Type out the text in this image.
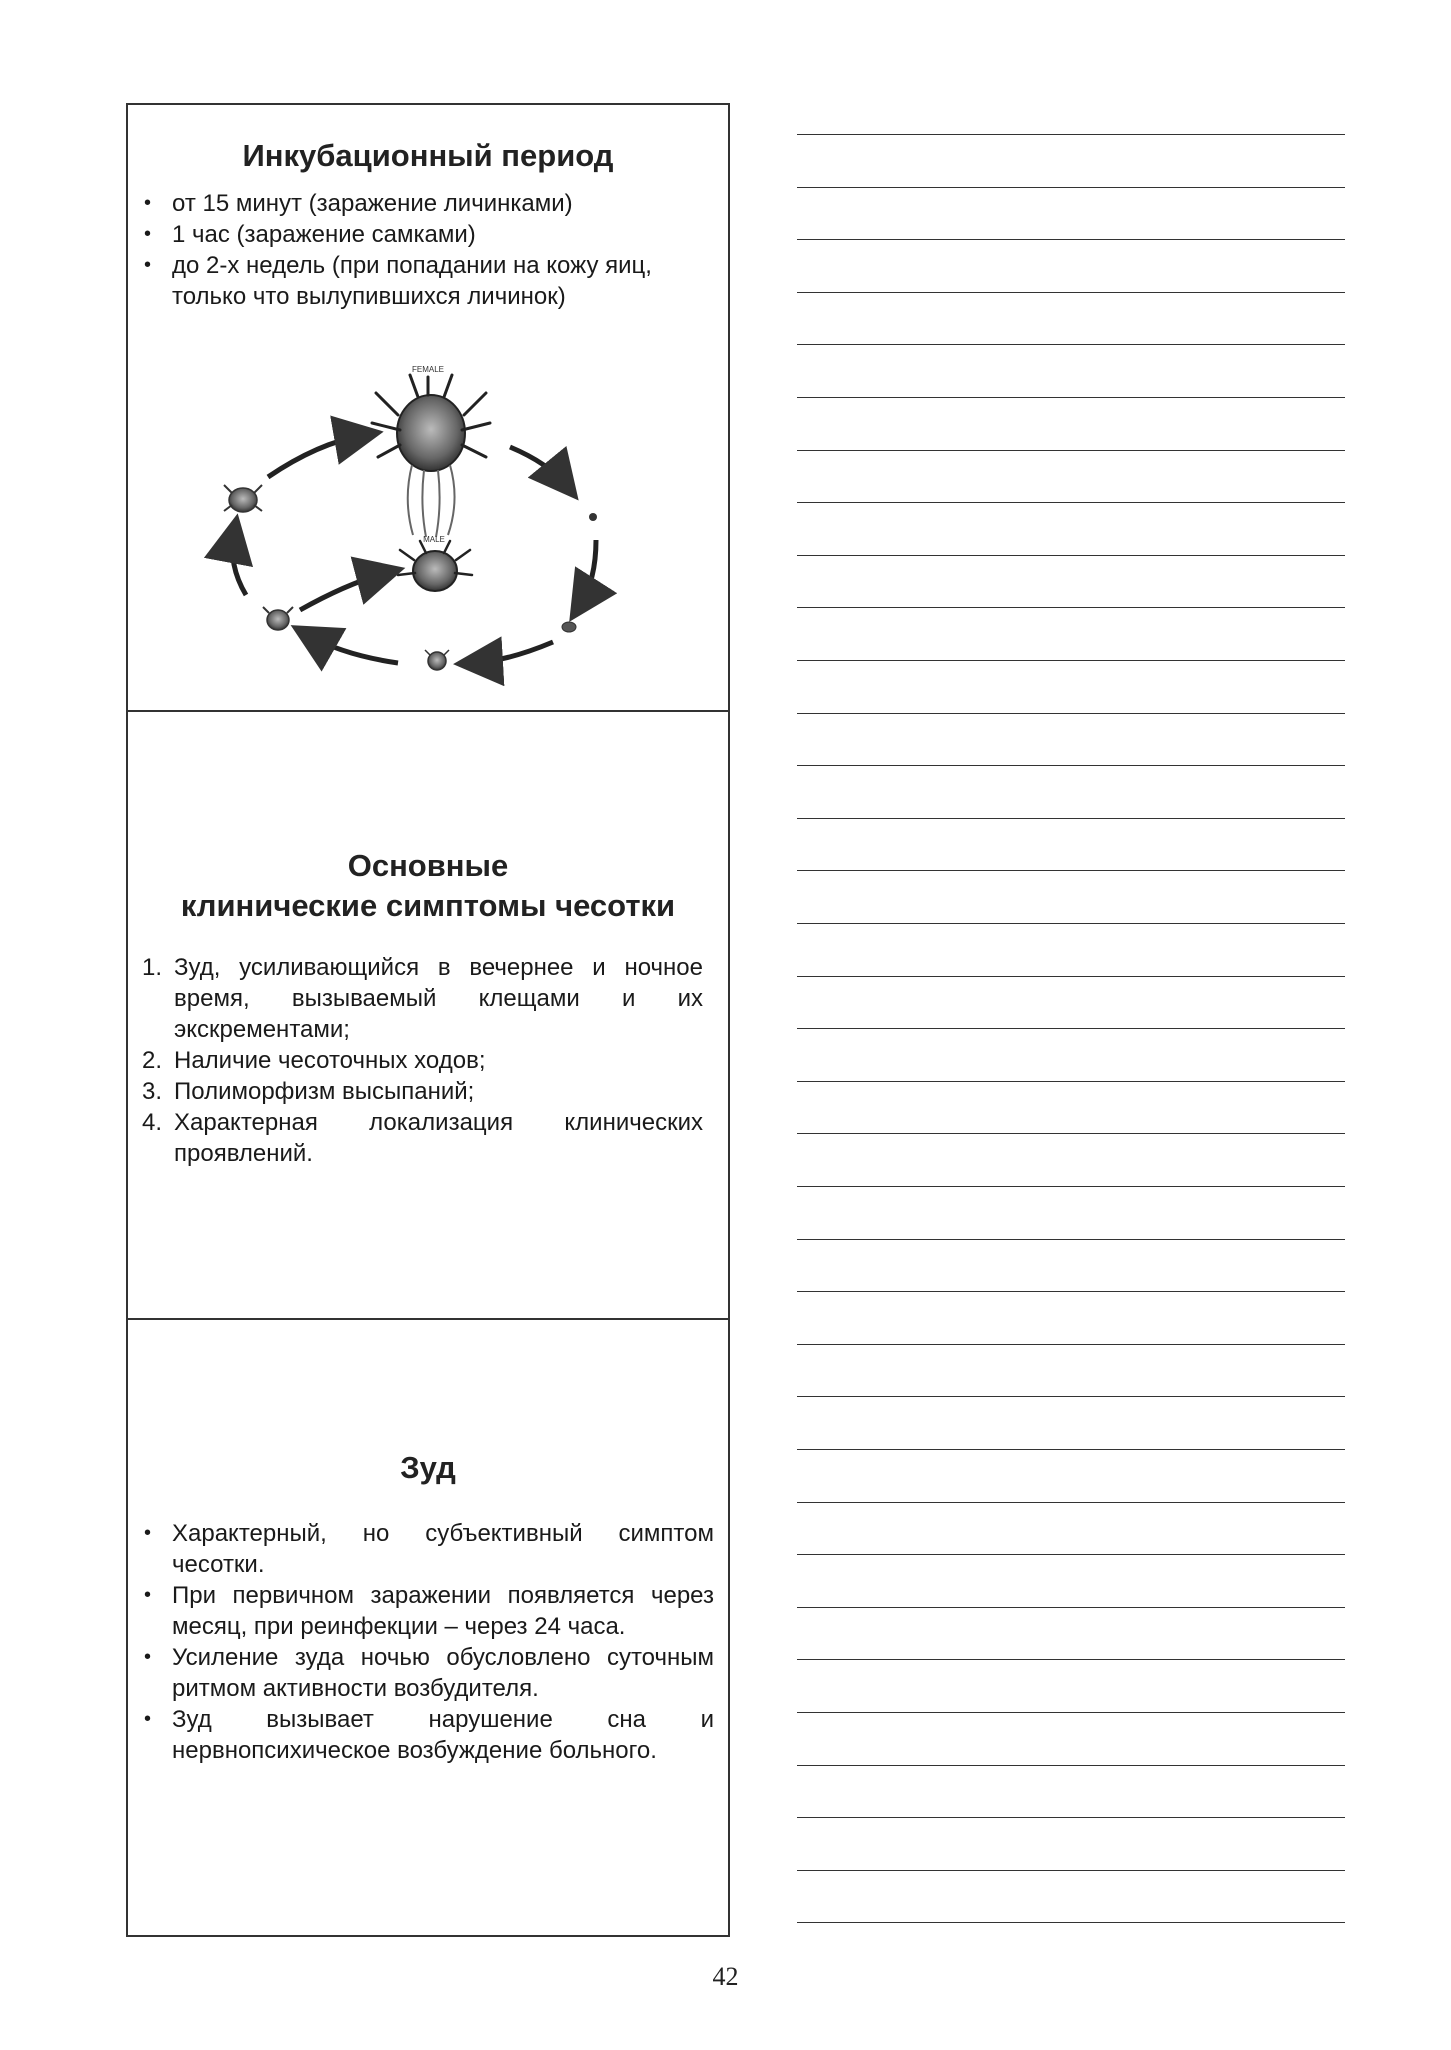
Инкубационный период
• от 15 минут (заражение личинками)
• 1 час (заражение самками)
• до 2-х недель (при попадании на кожу яиц, только что вылупившихся личинок)
FEMALE
MALE
Основные
клинические симптомы чесотки
1. Зуд, усиливающийся в вечернее и ночное время, вызываемый клещами и их экскрементами;
2. Наличие чесоточных ходов;
3. Полиморфизм высыпаний;
4. Характерная локализация клинических проявлений.
Зуд
• Характерный, но субъективный симптом чесотки.
• При первичном заражении появляется через месяц, при реинфекции – через 24 часа.
• Усиление зуда ночью обусловлено суточным ритмом активности возбудителя.
• Зуд вызывает нарушение сна и нервнопсихическое возбуждение больного.
42
